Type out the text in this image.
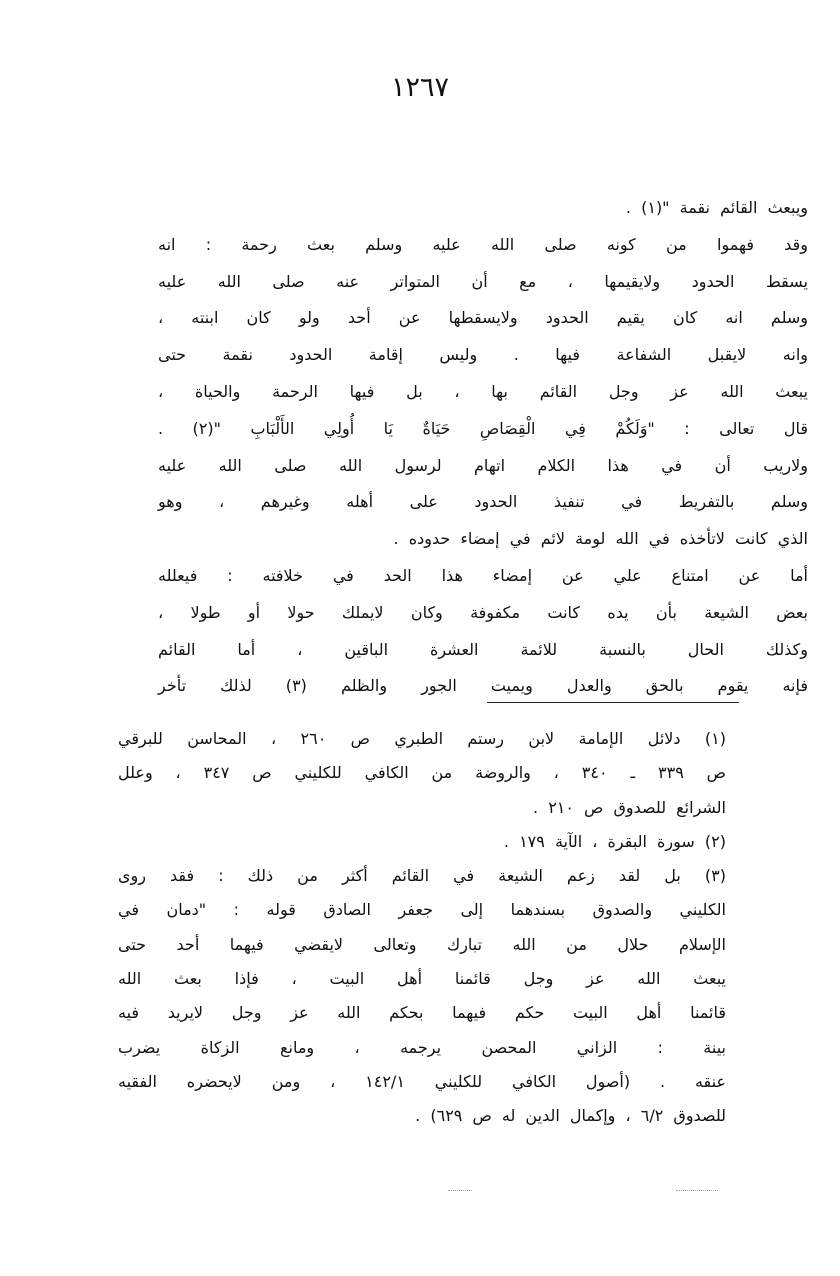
١٢٦٧
ويبعث القائم نقمة "(١) .
وقد فهموا من كونه صلى الله عليه وسلم بعث رحمة : انه
يسقط الحدود ولايقيمها ، مع أن المتواتر عنه صلى الله عليه
وسلم انه كان يقيم الحدود ولايسقطها عن أحد ولو كان ابنته ،
وانه لايقبل الشفاعة فيها . وليس إقامة الحدود نقمة حتى
يبعث الله عز وجل القائم بها ، بل فيها الرحمة والحياة ،
قال تعالى : "وَلَكُمْ فِي الْقِصَاصِ حَيَاةٌ يَا أُولِي الأَلْبَابِ "(٢) .
ولاريب أن في هذا الكلام اتهام لرسول الله صلى الله عليه
وسلم بالتفريط في تنفيذ الحدود على أهله وغيرهم ، وهو
الذي كانت لاتأخذه في الله لومة لائم في إمضاء حدوده .
أما عن امتناع علي عن إمضاء هذا الحد في خلافته : فيعلله
بعض الشيعة بأن يده كانت مكفوفة وكان لايملك حولا أو طولا ،
وكذلك الحال بالنسبة للائمة العشرة الباقين ، أما القائم
فإنه يقوم بالحق والعدل ويميت الجور والظلم (٣) لذلك تأخر
(١) دلائل الإمامة لابن رستم الطبري ص ٢٦٠ ، المحاسن للبرقي
ص ٣٣٩ ـ ٣٤٠ ، والروضة من الكافي للكليني ص ٣٤٧ ، وعلل
الشرائع للصدوق ص ٢١٠ .
(٢) سورة البقرة ، الآية ١٧٩ .
(٣) بل لقد زعم الشيعة في القائم أكثر من ذلك : فقد روى
الكليني والصدوق بسندهما إلى جعفر الصادق قوله : "دمان في
الإسلام حلال من الله تبارك وتعالى لايقضي فيهما أحد حتى
يبعث الله عز وجل قائمنا أهل البيت ، فإذا بعث الله
قائمنا أهل البيت حكم فيهما بحكم الله عز وجل لايريد فيه
بينة : الزاني المحصن يرجمه ، ومانع الزكاة يضرب
عنقه . (أصول الكافي للكليني ١٤٢/١ ، ومن لايحضره الفقيه
للصدوق ٦/٢ ، وإكمال الدين له ص ٦٢٩) .
